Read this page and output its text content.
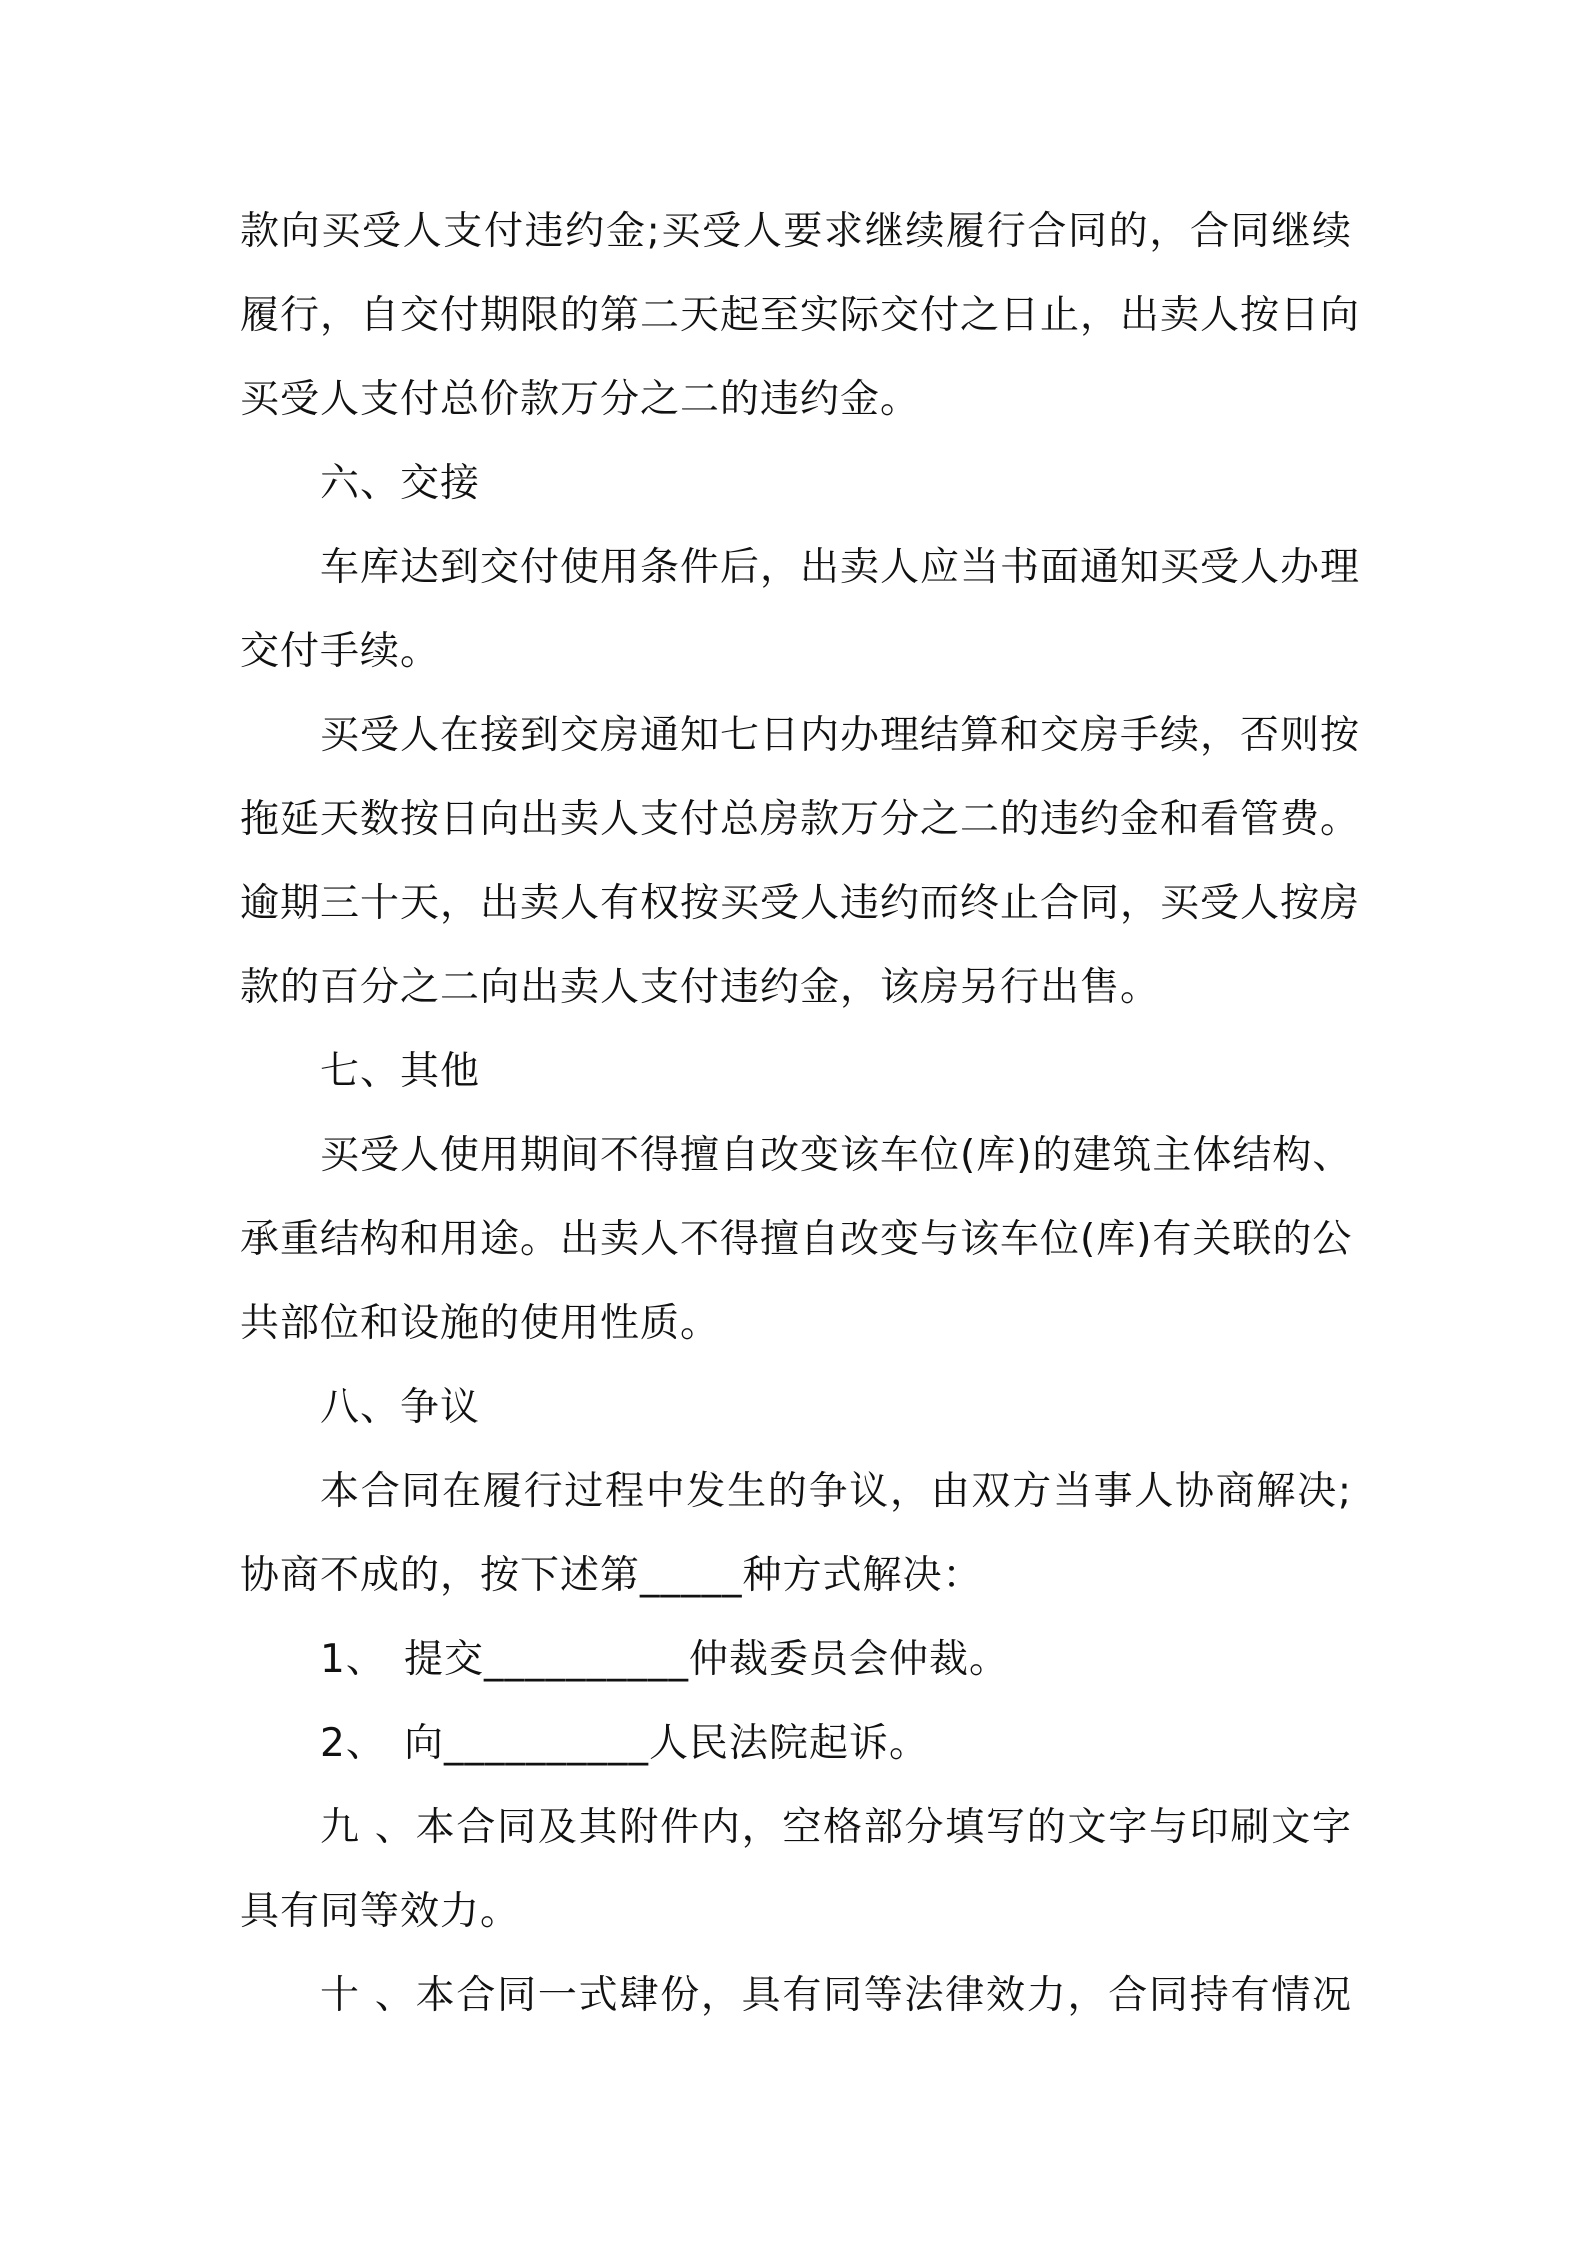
款向买受人支付违约金;买受人要求继续履行合同的，合同继续
履行，自交付期限的第二天起至实际交付之日止，出卖人按日向
买受人支付总价款万分之二的违约金。
六、交接
车库达到交付使用条件后，出卖人应当书面通知买受人办理
交付手续。
买受人在接到交房通知七日内办理结算和交房手续，否则按
拖延天数按日向出卖人支付总房款万分之二的违约金和看管费。
逾期三十天，出卖人有权按买受人违约而终止合同，买受人按房
款的百分之二向出卖人支付违约金，该房另行出售。
七、其他
买受人使用期间不得擅自改变该车位(库)的建筑主体结构、
承重结构和用途。出卖人不得擅自改变与该车位(库)有关联的公
共部位和设施的使用性质。
八、争议
本合同在履行过程中发生的争议，由双方当事人协商解决;
协商不成的，按下述第_____种方式解决：
1、 提交__________仲裁委员会仲裁。
2、 向__________人民法院起诉。
九 、本合同及其附件内，空格部分填写的文字与印刷文字
具有同等效力。
十 、本合同一式肆份，具有同等法律效力，合同持有情况
